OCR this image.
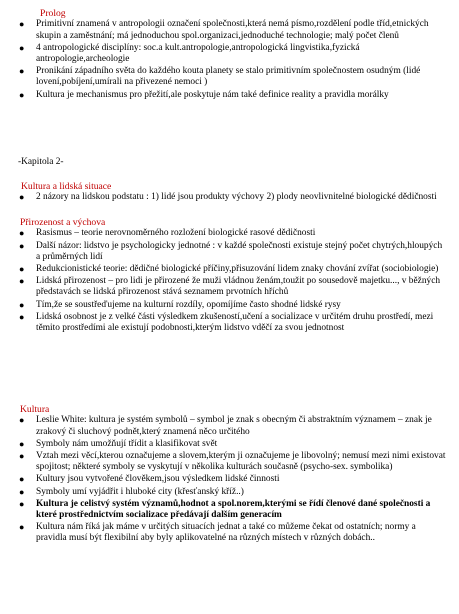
Prolog

● Primitivní znamená v antropologii označení společnosti,která nemá písmo,rozdělení podle tříd,etnických skupin a zaměstnání; má jednoduchou spol.organizaci,jednoduché technologie; malý počet členů
● 4 antropologické disciplíny: soc.a kult.antropologie,antropologická lingvistika,fyzická antropologie,archeologie
● Pronikání západního světa do každého kouta planety se stalo primitivním společnostem osudným (lidé lovení,pobíjení,umírali na přivezené nemoci )
● Kultura je mechanismus pro přežití,ale poskytuje nám také definice reality a pravidla morálky

-Kapitola 2-

Kultura a lidská situace

● 2 názory na lidskou podstatu : 1) lidé jsou produkty výchovy 2) plody neovlivnitelné biologické dědičnosti

Přirozenost a výchova

● Rasismus – teorie nerovnoměrného rozložení biologické rasové dědičnosti
● Další názor: lidstvo je psychologicky jednotné : v každé společnosti existuje stejný počet chytrých,hloupých a průměrných lidí
● Redukcionistické teorie: dědičné biologické příčiny,přisuzování lidem znaky chování zvířat (sociobiologie)
● Lidská přirozenost – pro lidi je přirozené že muži vládnou ženám,toužit po sousedově majetku..., v běžných představách se lidská přirozenost stává seznamem prvotních hříchů
● Tím,že se soustřeďujeme na kulturní rozdíly, opomíjíme často shodné lidské rysy
● Lidská osobnost je z velké části výsledkem zkušeností,učení a socializace v určitém druhu prostředí, mezi těmito prostředími ale existují podobnosti,kterým lidstvo vděčí za svou jednotnost

Kultura

● Leslie White: kultura je systém symbolů – symbol je znak s obecným či abstraktním významem – znak je zrakový či sluchový podnět,který znamená něco určitého
● Symboly nám umožňují třídit a klasifikovat svět
● Vztah mezi věcí,kterou označujeme a slovem,kterým ji označujeme je libovolný; nemusí mezi nimi existovat spojitost; některé symboly se vyskytují v několika kulturách současně (psycho-sex. symbolika)
● Kultury jsou vytvořené člověkem,jsou výsledkem lidské činnosti
● Symboly umí vyjádřit i hluboké city (křesťanský kříž..)
● Kultura je celistvý systém významů,hodnot a spol.norem,kterými se řídí členové dané společnosti a které prostřednictvím socializace předávají dalším generacím
● Kultura nám říká jak máme v určitých situacích jednat a také co můžeme čekat od ostatních; normy a pravidla musí být flexibilní aby byly aplikovatelné na různých místech v různých dobách..
